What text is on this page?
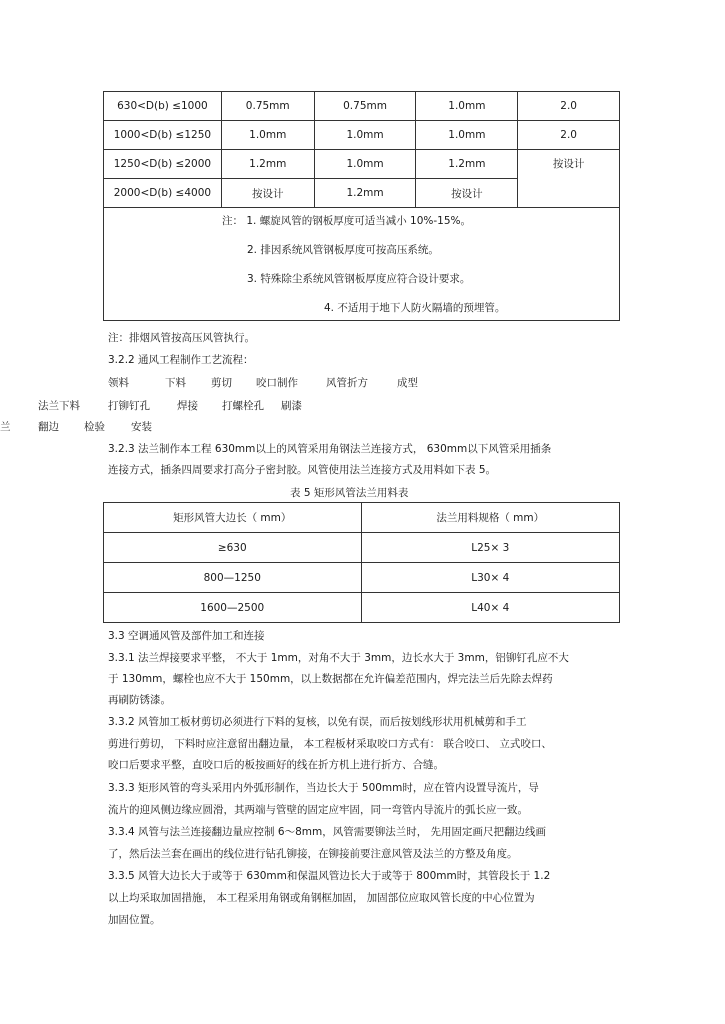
630<D(b) ≤1000	0.75mm	0.75mm	1.0mm	2.0
1000<D(b) ≤1250	1.0mm	1.0mm	1.0mm	2.0
1250<D(b) ≤2000	1.2mm	1.0mm	1.2mm	按设计
2000<D(b) ≤4000	按设计	1.2mm	按设计	

注： 1. 螺旋风管的钢板厚度可适当减小 10%-15%。
2. 排因系统风管钢板厚度可按高压系统。
3. 特殊除尘系统风管钢板厚度应符合设计要求。
4. 不适用于地下人防火隔墙的预埋管。				
注：排烟风管按高压风管执行。
3.2.2 通风工程制作工艺流程：
领料	下料 剪切 咬口制作	风管折方	成型
法兰下料	打铆钉孔	焊接 打螺栓孔 刷漆
兰	翻边 检验 安装
3.2.3 法兰制作本工程 630mm以上的风管采用角钢法兰连接方式， 630mm以下风管采用插条
连接方式，插条四周要求打高分子密封胶。风管使用法兰连接方式及用料如下表 5。
表 5 矩形风管法兰用料表
矩形风管大边长（ mm）	法兰用料规格（ mm）
≥630	L25× 3
800—1250	L30× 4
1600—2500	L40× 4
3.3 空调通风管及部件加工和连接
3.3.1 法兰焊接要求平整， 不大于 1mm，对角不大于 3mm，边长水大于 3mm，铝铆钉孔应不大
于 130mm，螺栓也应不大于 150mm，以上数据都在允许偏差范围内，焊完法兰后先除去焊药
再刷防锈漆。
3.3.2 风管加工板材剪切必须进行下料的复核，以免有误，而后按划线形状用机械剪和手工
剪进行剪切， 下料时应注意留出翻边量， 本工程板材采取咬口方式有： 联合咬口、 立式咬口、
咬口后要求平整，直咬口后的板按画好的线在折方机上进行折方、合缝。
3.3.3 矩形风管的弯头采用内外弧形制作，当边长大于 500mm时，应在管内设置导流片，导
流片的迎风侧边缘应圆滑，其两端与管壁的固定应牢固，同一弯管内导流片的弧长应一致。
3.3.4 风管与法兰连接翻边量应控制 6～8mm，风管需要铆法兰时， 先用固定画尺把翻边线画
了，然后法兰套在画出的线位进行钻孔铆接，在铆接前要注意风管及法兰的方整及角度。
3.3.5 风管大边长大于或等于 630mm和保温风管边长大于或等于 800mm时，其管段长于 1.2
以上均采取加固措施， 本工程采用角钢或角钢框加固， 加固部位应取风管长度的中心位置为
加固位置。
